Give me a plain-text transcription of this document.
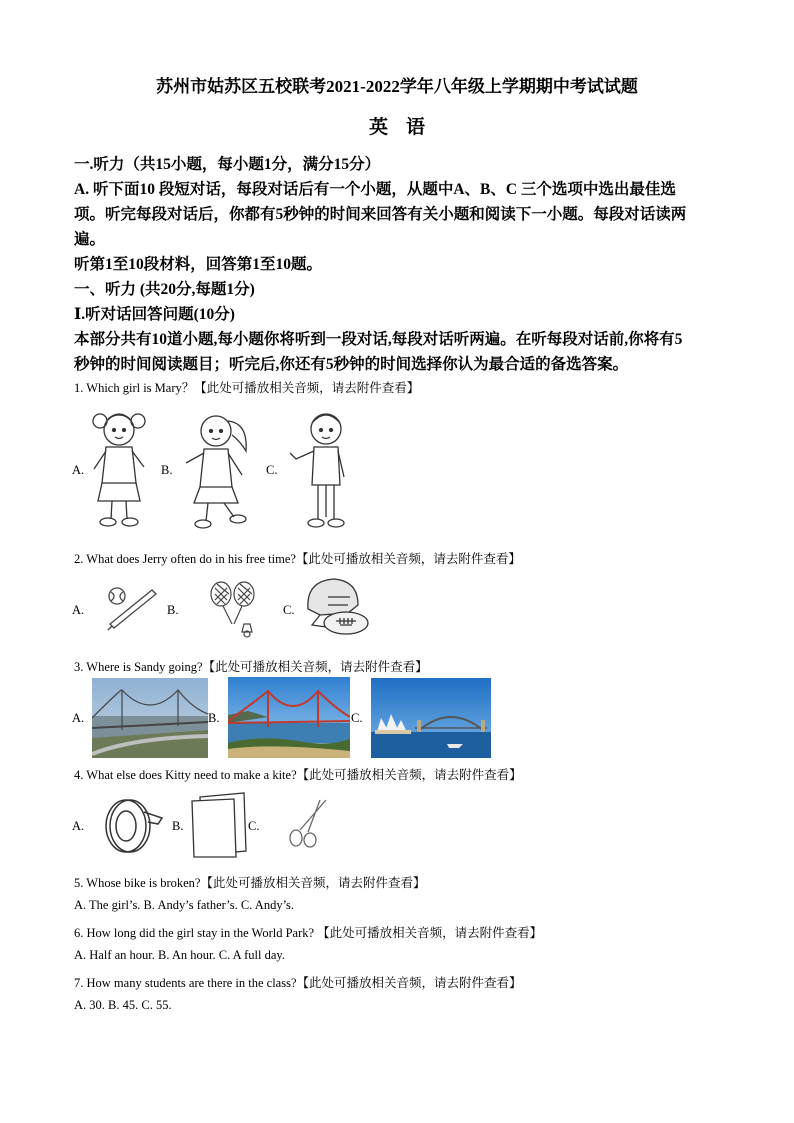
苏州市姑苏区五校联考2021-2022学年八年级上学期期中考试试题
英语
一.听力（共15小题，每小题1分，满分15分）
A. 听下面10 段短对话，每段对话后有一个小题，从题中A、B、C 三个选项中选出最佳选
项。听完每段对话后，你都有5秒钟的时间来回答有关小题和阅读下一小题。每段对话读两
遍。
听第1至10段材料，回答第1至10题。
一、听力 (共20分,每题1分)
Ⅰ.听对话回答问题(10分)
本部分共有10道小题,每小题你将听到一段对话,每段对话听两遍。在听每段对话前,你将有5
秒钟的时间阅读题目；听完后,你还有5秒钟的时间选择你认为最合适的备选答案。
1. Which girl is Mary？【此处可播放相关音频，请去附件查看】
A.	B.	C.
2. What does Jerry often do in his free time?【此处可播放相关音频，请去附件查看】
A.	B.	C.
3. Where is Sandy going?【此处可播放相关音频，请去附件查看】
A.	B.	C.
4. What else does Kitty need to make a kite?【此处可播放相关音频，请去附件查看】
A.	B.	C.
5. Whose bike is broken?【此处可播放相关音频，请去附件查看】
A. The girl’s. B. Andy’s father’s. C. Andy’s.
6. How long did the girl stay in the World Park? 【此处可播放相关音频，请去附件查看】
A. Half an hour. B. An hour. C. A full day.
7. How many students are there in the class?【此处可播放相关音频，请去附件查看】
A. 30. B. 45. C. 55.
